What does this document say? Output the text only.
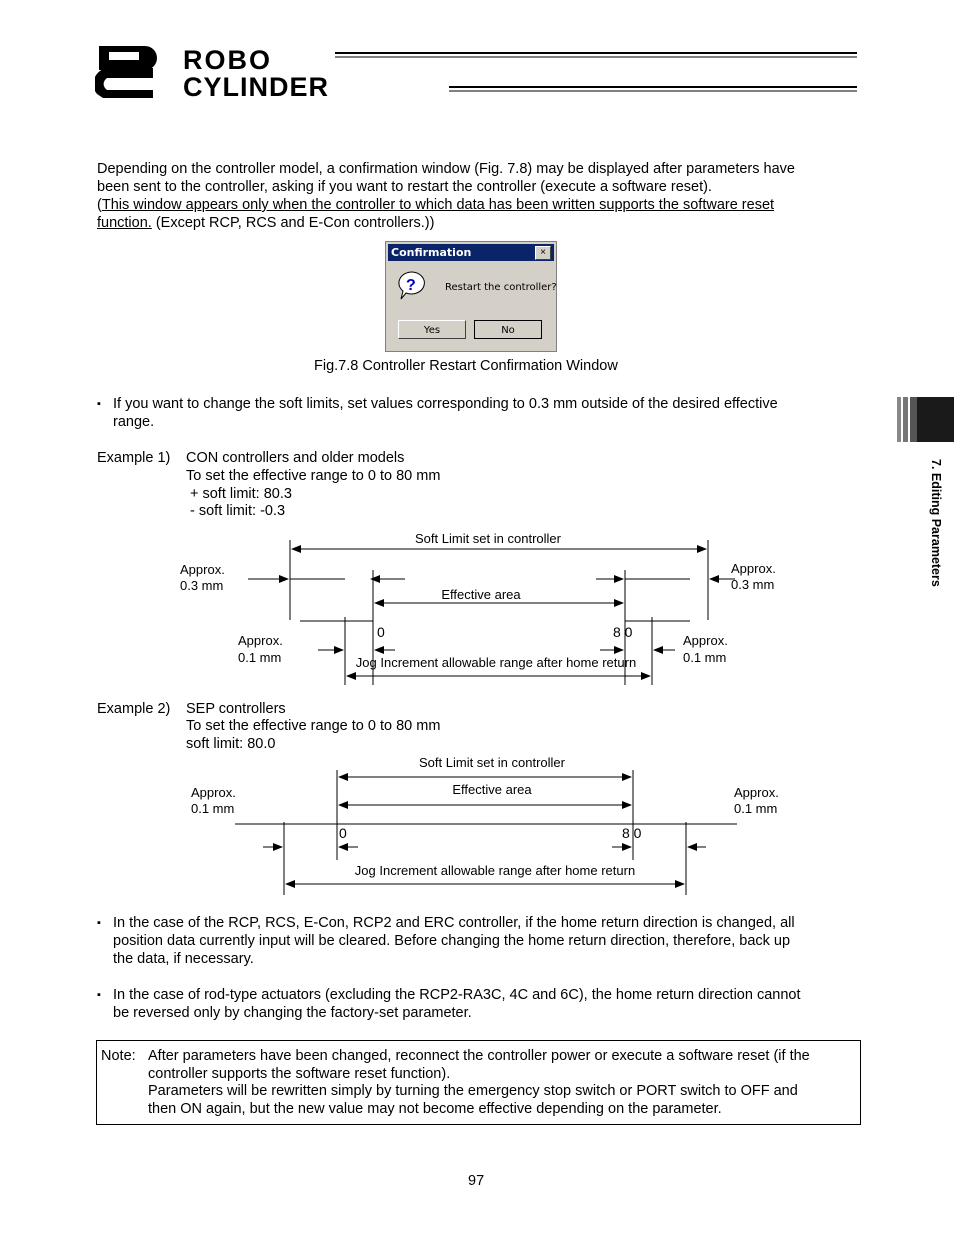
ROBO
CYLINDER
Depending on the controller model, a confirmation window (Fig. 7.8) may be displayed after parameters have
been sent to the controller, asking if you want to restart the controller (execute a software reset).
(This window appears only when the controller to which data has been written supports the software reset
function. (Except RCP, RCS and E-Con controllers.))
Confirmation	×
?	Restart the controller?
Yes	No
Fig.7.8 Controller Restart Confirmation Window
▪ If you want to change the soft limits, set values corresponding to 0.3 mm outside of the desired effective
range.
Example 1) CON controllers and older models
To set the effective range to 0 to 80 mm
+ soft limit: 80.3
- soft limit: -0.3
Soft Limit set in controller
Effective area
Jog Increment allowable range after home return
Approx.
0.3 mm
Approx.
0.3 mm
Approx.
0.1 mm
Approx.
0.1 mm
0	8 0
Example 2) SEP controllers
To set the effective range to 0 to 80 mm
soft limit: 80.0
Soft Limit set in controller
Effective area
Jog Increment allowable range after home return
Approx.
0.1 mm
Approx.
0.1 mm
0	8 0
▪ In the case of the RCP, RCS, E-Con, RCP2 and ERC controller, if the home return direction is changed, all
position data currently input will be cleared. Before changing the home return direction, therefore, back up
the data, if necessary.
▪ In the case of rod-type actuators (excluding the RCP2-RA3C, 4C and 6C), the home return direction cannot
be reversed only by changing the factory-set parameter.
Note: After parameters have been changed, reconnect the controller power or execute a software reset (if the
controller supports the software reset function).
Parameters will be rewritten simply by turning the emergency stop switch or PORT switch to OFF and
then ON again, but the new value may not become effective depending on the parameter.
7. Editing Parameters
97
